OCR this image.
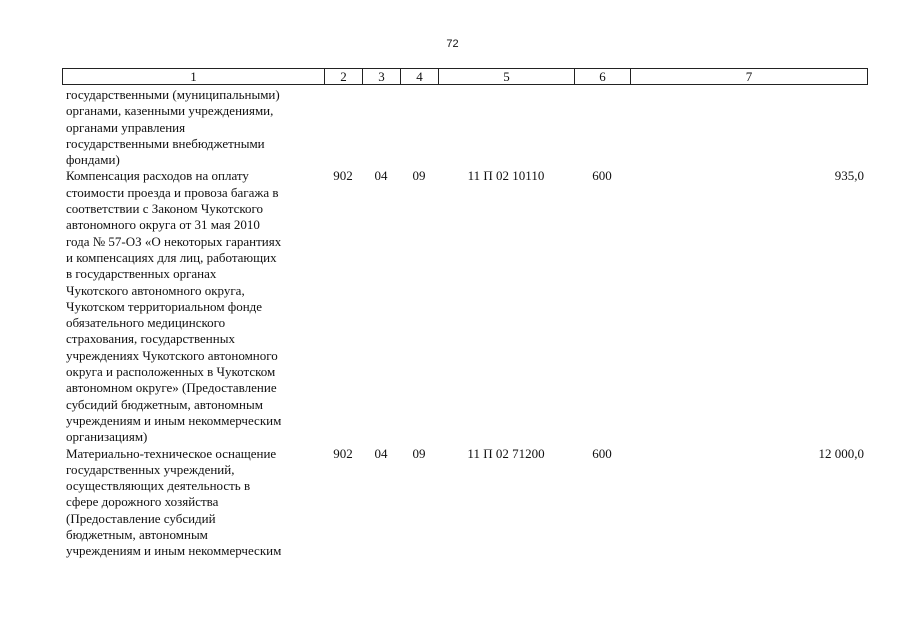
72
1	2	3	4	5	6	7
государственными (муниципальными)
органами, казенными учреждениями,
органами управления
государственными внебюджетными
фондами)
Компенсация расходов на оплату
стоимости проезда и провоза багажа в
соответствии с Законом Чукотского
автономного округа от 31 мая 2010
года № 57-ОЗ «О некоторых гарантиях
и компенсациях для лиц, работающих
в государственных органах
Чукотского автономного округа,
Чукотском территориальном фонде
обязательного медицинского
страхования, государственных
учреждениях Чукотского автономного
округа и расположенных в Чукотском
автономном округе» (Предоставление
субсидий бюджетным, автономным
учреждениям и иным некоммерческим
организациям)
902	04	09	11 П 02 10110	600	935,0
Материально-техническое оснащение
государственных учреждений,
осуществляющих деятельность в
сфере дорожного хозяйства
(Предоставление субсидий
бюджетным, автономным
учреждениям и иным некоммерческим
902	04	09	11 П 02 71200	600	12 000,0
